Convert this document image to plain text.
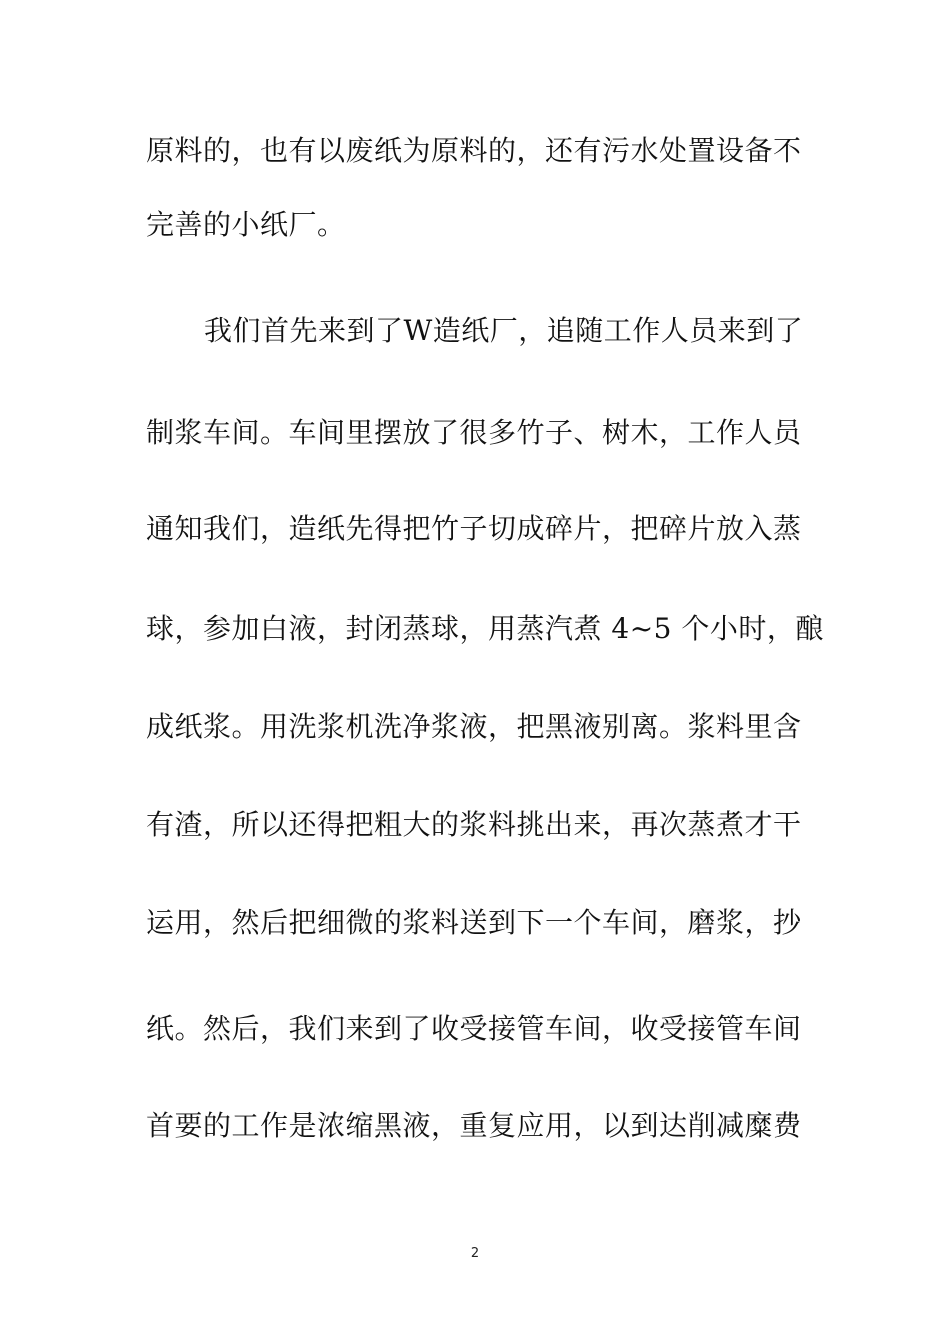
原料的，也有以废纸为原料的，还有污水处置设备不
完善的小纸厂。
我们首先来到了W造纸厂，追随工作人员来到了
制浆车间。车间里摆放了很多竹子、树木，工作人员
通知我们，造纸先得把竹子切成碎片，把碎片放入蒸
球，参加白液，封闭蒸球，用蒸汽煮 4~5 个小时，酿
成纸浆。用洗浆机洗净浆液，把黑液别离。浆料里含
有渣，所以还得把粗大的浆料挑出来，再次蒸煮才干
运用，然后把细微的浆料送到下一个车间，磨浆，抄
纸。然后，我们来到了收受接管车间，收受接管车间
首要的工作是浓缩黑液，重复应用，以到达削减糜费
2
